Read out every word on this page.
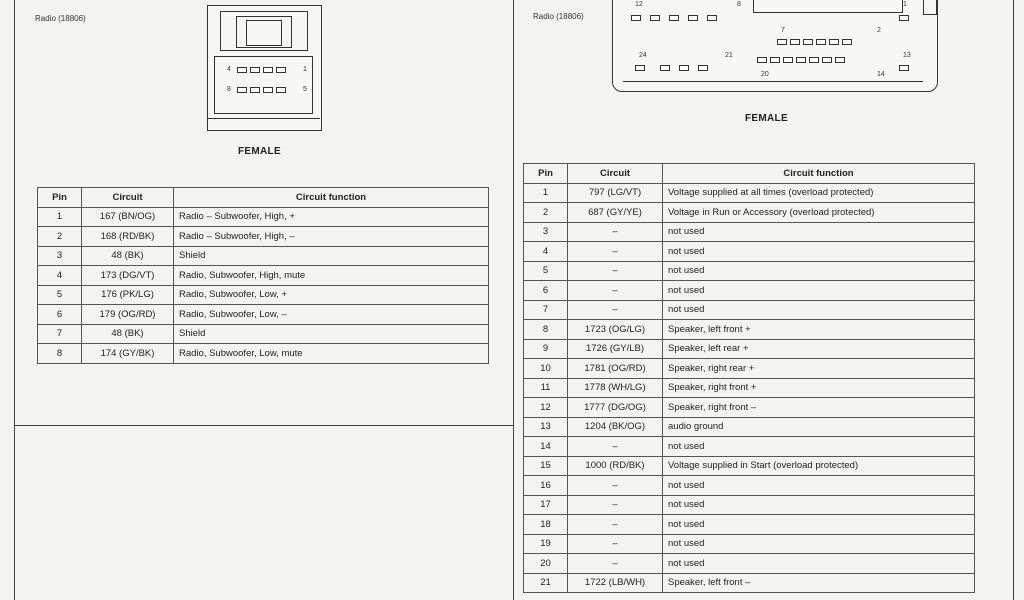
Radio (18806)
4	1
8	5
FEMALE
Pin	Circuit	Circuit function
1	167 (BN/OG)	Radio – Subwoofer, High, +
2	168 (RD/BK)	Radio – Subwoofer, High, –
3	48 (BK)	Shield
4	173 (DG/VT)	Radio, Subwoofer, High, mute
5	176 (PK/LG)	Radio, Subwoofer, Low, +
6	179 (OG/RD)	Radio, Subwoofer, Low, –
7	48 (BK)	Shield
8	174 (GY/BK)	Radio, Subwoofer, Low, mute
Radio (18806)
12	8	1
7	2
24	21	13
20	14
FEMALE
Pin	Circuit	Circuit function
1	797 (LG/VT)	Voltage supplied at all times (overload protected)
2	687 (GY/YE)	Voltage in Run or Accessory (overload protected)
3	–	not used
4	–	not used
5	–	not used
6	–	not used
7	–	not used
8	1723 (OG/LG)	Speaker, left front +
9	1726 (GY/LB)	Speaker, left rear +
10	1781 (OG/RD)	Speaker, right rear +
11	1778 (WH/LG)	Speaker, right front +
12	1777 (DG/OG)	Speaker, right front –
13	1204 (BK/OG)	audio ground
14	–	not used
15	1000 (RD/BK)	Voltage supplied in Start (overload protected)
16	–	not used
17	–	not used
18	–	not used
19	–	not used
20	–	not used
21	1722 (LB/WH)	Speaker, left front –
